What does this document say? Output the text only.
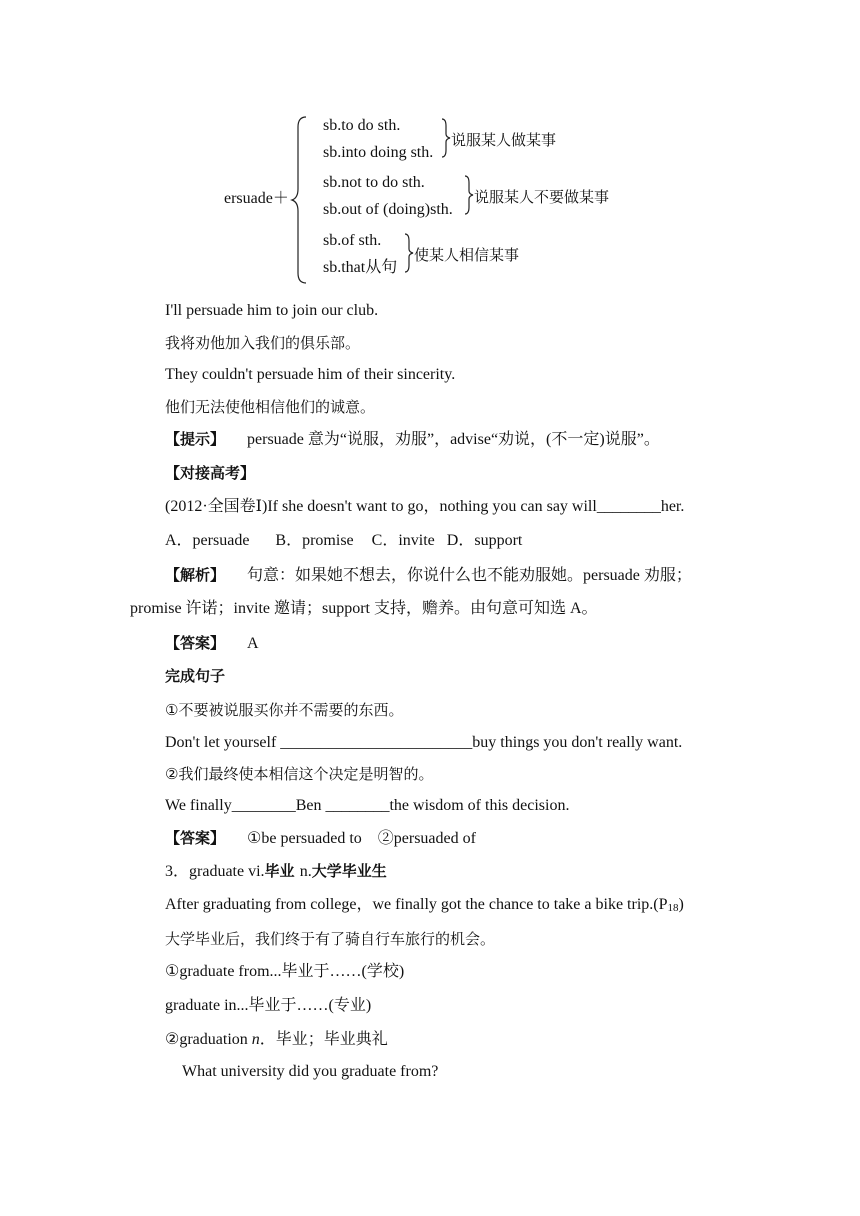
ersuade＋
sb.to do sth.
sb.into doing sth.
说服某人做某事
sb.not to do sth.
sb.out of (doing)sth.
说服某人不要做某事
sb.of sth.
sb.that从句
使某人相信某事
I'll persuade him to join our club.
我将劝他加入我们的俱乐部。
They couldn't persuade him of their sincerity.
他们无法使他相信他们的诚意。
【提示】 persuade 意为“说服，劝服”，advise“劝说，(不一定)说服”。
【对接高考】
(2012·全国卷Ⅰ)If she doesn't want to go，nothing you can say will________her.
A．persuade B．promise C．invite D．support
【解析】 句意：如果她不想去，你说什么也不能劝服她。persuade 劝服；
promise 许诺；invite 邀请；support 支持，赡养。由句意可知选 A。
【答案】 A
完成句子
①不要被说服买你并不需要的东西。
Don't let yourself ________________________buy things you don't really want.
②我们最终使本相信这个决定是明智的。
We finally________Ben ________the wisdom of this decision.
【答案】 ①be persuaded to　②persuaded of
3．graduate vi.毕业 n.大学毕业生
After graduating from college，we finally got the chance to take a bike $trip.(P_{18})$
大学毕业后，我们终于有了骑自行车旅行的机会。
①graduate from...毕业于……(学校)
graduate in...毕业于……(专业)
②graduation n．毕业；毕业典礼
What university did you graduate from?
